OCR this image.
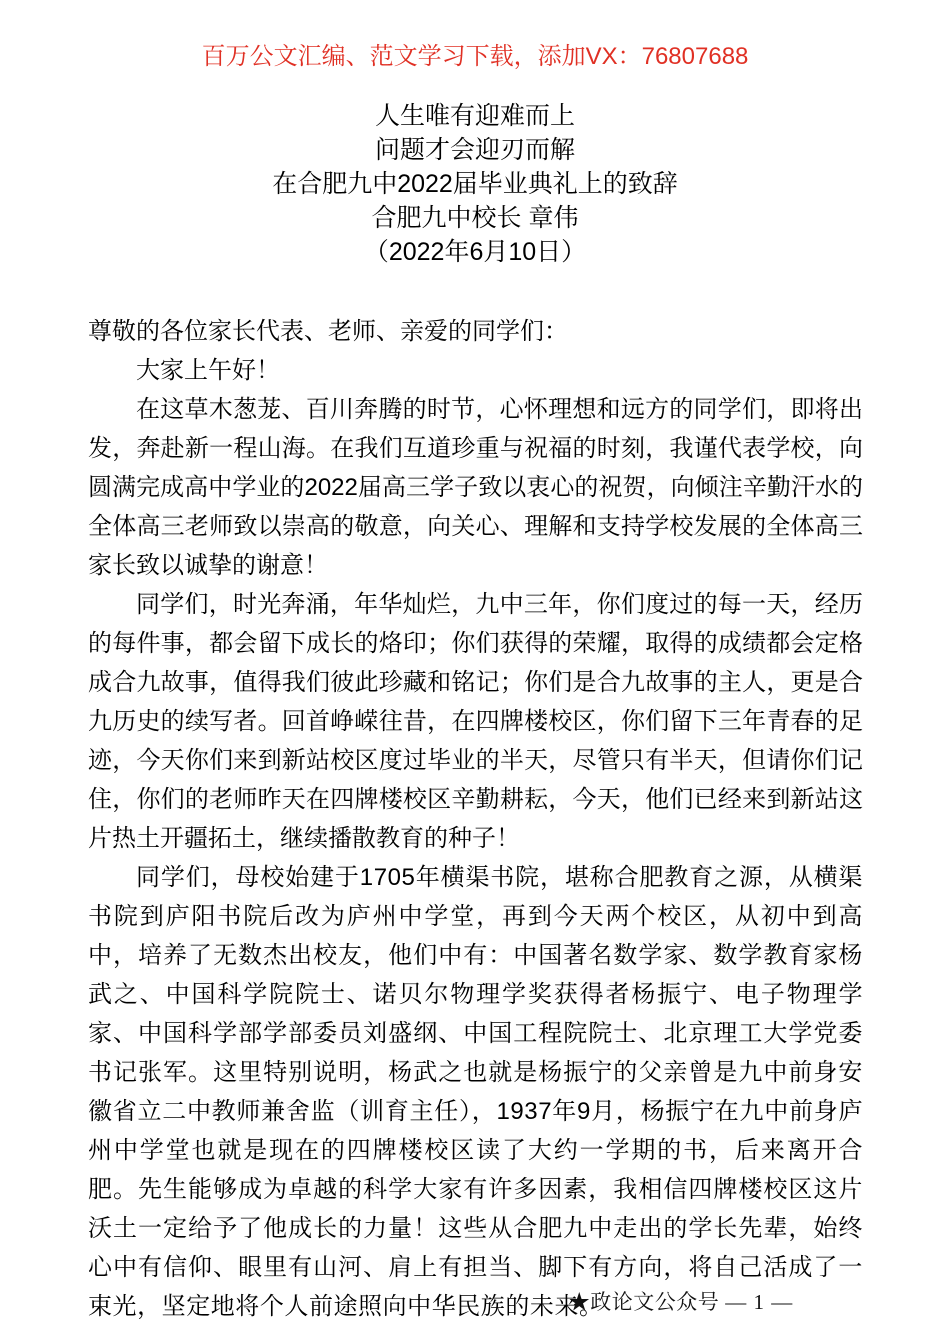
百万公文汇编、范文学习下载，添加VX：76807688
人生唯有迎难而上
问题才会迎刃而解
在合肥九中2022届毕业典礼上的致辞
合肥九中校长 章伟
（2022年6月10日）

尊敬的各位家长代表、老师、亲爱的同学们：

大家上午好！

在这草木葱茏、百川奔腾的时节，心怀理想和远方的同学们，即将出发，奔赴新一程山海。在我们互道珍重与祝福的时刻，我谨代表学校，向圆满完成高中学业的2022届高三学子致以衷心的祝贺，向倾注辛勤汗水的全体高三老师致以崇高的敬意，向关心、理解和支持学校发展的全体高三家长致以诚挚的谢意！

同学们，时光奔涌，年华灿烂，九中三年，你们度过的每一天，经历的每件事，都会留下成长的烙印；你们获得的荣耀，取得的成绩都会定格成合九故事，值得我们彼此珍藏和铭记；你们是合九故事的主人，更是合九历史的续写者。回首峥嵘往昔，在四牌楼校区，你们留下三年青春的足迹，今天你们来到新站校区度过毕业的半天，尽管只有半天，但请你们记住，你们的老师昨天在四牌楼校区辛勤耕耘，今天，他们已经来到新站这片热土开疆拓土，继续播散教育的种子！

同学们，母校始建于1705年横渠书院，堪称合肥教育之源，从横渠书院到庐阳书院后改为庐州中学堂，再到今天两个校区，从初中到高中，培养了无数杰出校友，他们中有：中国著名数学家、数学教育家杨武之、中国科学院院士、诺贝尔物理学奖获得者杨振宁、电子物理学家、中国科学部学部委员刘盛纲、中国工程院院士、北京理工大学党委书记张军。这里特别说明，杨武之也就是杨振宁的父亲曾是九中前身安徽省立二中教师兼舍监（训育主任），1937年9月，杨振宁在九中前身庐州中学堂也就是现在的四牌楼校区读了大约一学期的书，后来离开合肥。先生能够成为卓越的科学大家有许多因素，我相信四牌楼校区这片沃土一定给予了他成长的力量！这些从合肥九中走出的学长先辈，始终心中有信仰、眼里有山河、肩上有担当、脚下有方向，将自己活成了一束光，坚定地将个人前途照向中华民族的未来。

★政论文公众号 — 1 —
